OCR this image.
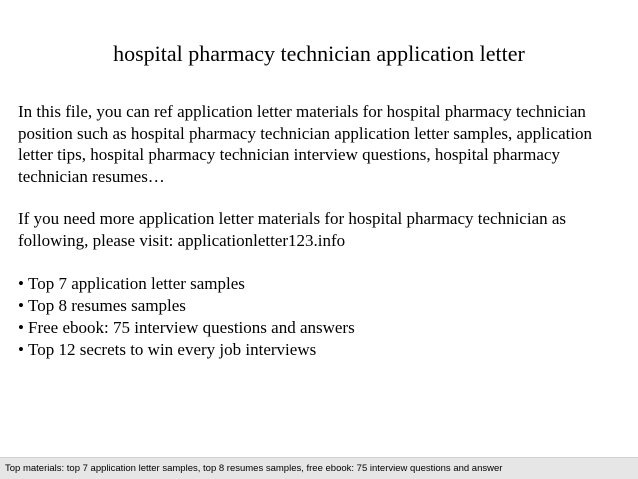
hospital pharmacy technician application letter

In this file, you can ref application letter materials for hospital pharmacy technician position such as hospital pharmacy technician application letter samples, application letter tips, hospital pharmacy technician interview questions, hospital pharmacy technician resumes…

If you need more application letter materials for hospital pharmacy technician as following, please visit: applicationletter123.info

• Top 7 application letter samples
• Top 8 resumes samples
• Free ebook: 75 interview questions and answers
• Top 12 secrets to win every job interviews
Top materials: top 7 application letter samples, top 8 resumes samples, free ebook: 75 interview questions and answer
